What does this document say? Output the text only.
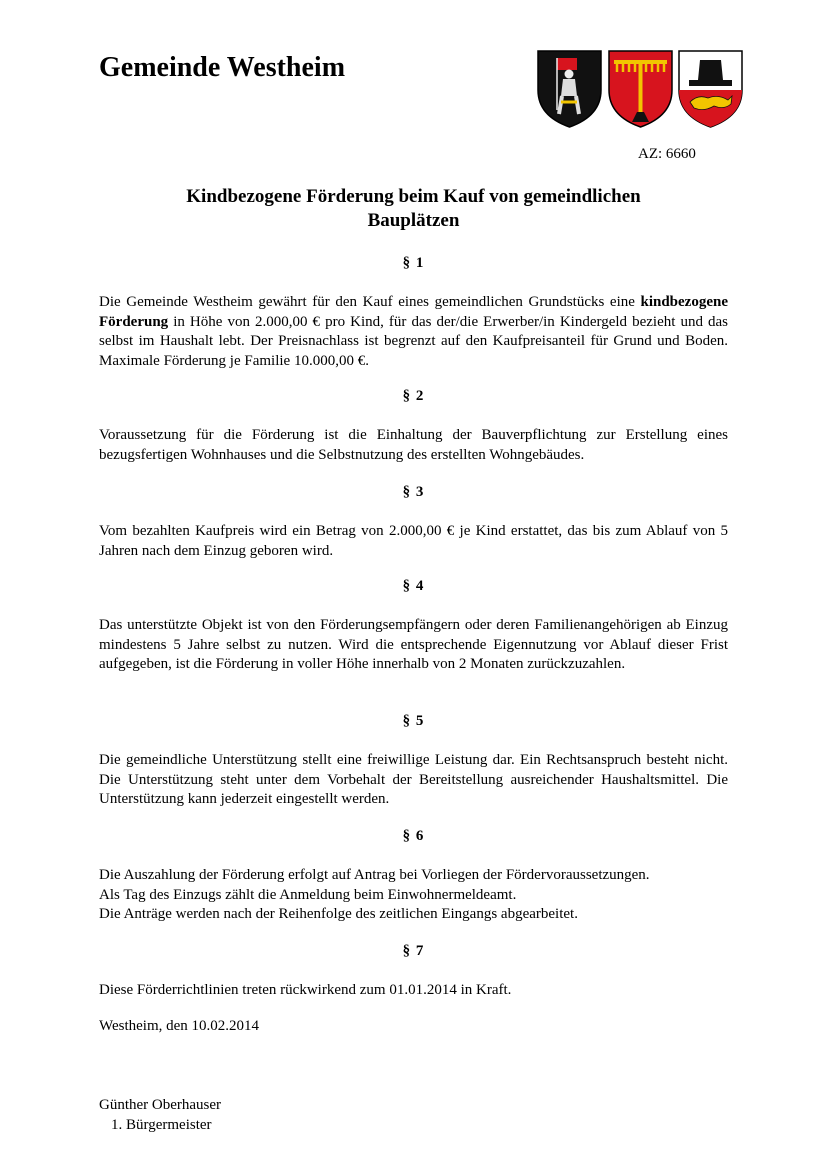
Gemeinde Westheim
AZ: 6660
Kindbezogene Förderung beim Kauf von gemeindlichen
Bauplätzen
§ 1
Die Gemeinde Westheim gewährt für den Kauf eines gemeindlichen Grundstücks eine kindbezogene Förderung in Höhe von 2.000,00 € pro Kind, für das der/die Erwerber/in Kindergeld bezieht und das selbst im Haushalt lebt. Der Preisnachlass ist begrenzt auf den Kaufpreisanteil für Grund und Boden. Maximale Förderung je Familie 10.000,00 €.
§ 2
Voraussetzung für die Förderung ist die Einhaltung der Bauverpflichtung zur Erstellung eines bezugsfertigen Wohnhauses und die Selbstnutzung des erstellten Wohngebäudes.
§ 3
Vom bezahlten Kaufpreis wird ein Betrag von 2.000,00 € je Kind erstattet, das bis zum Ablauf von 5 Jahren nach dem Einzug geboren wird.
§ 4
Das unterstützte Objekt ist von den Förderungsempfängern oder deren Familienangehörigen ab Einzug mindestens 5 Jahre selbst zu nutzen. Wird die entsprechende Eigennutzung vor Ablauf dieser Frist aufgegeben, ist die Förderung in voller Höhe innerhalb von 2 Monaten zurückzuzahlen.
§ 5
Die gemeindliche Unterstützung stellt eine freiwillige Leistung dar. Ein Rechtsanspruch besteht nicht. Die Unterstützung steht unter dem Vorbehalt der Bereitstellung ausreichender Haushaltsmittel. Die Unterstützung kann jederzeit eingestellt werden.
§ 6
Die Auszahlung der Förderung erfolgt auf Antrag bei Vorliegen der Fördervoraussetzungen.
Als Tag des Einzugs zählt die Anmeldung beim Einwohnermeldeamt.
Die Anträge werden nach der Reihenfolge des zeitlichen Eingangs abgearbeitet.
§ 7
Diese Förderrichtlinien treten rückwirkend zum 01.01.2014 in Kraft.
Westheim, den 10.02.2014
Günther Oberhauser
1. Bürgermeister
